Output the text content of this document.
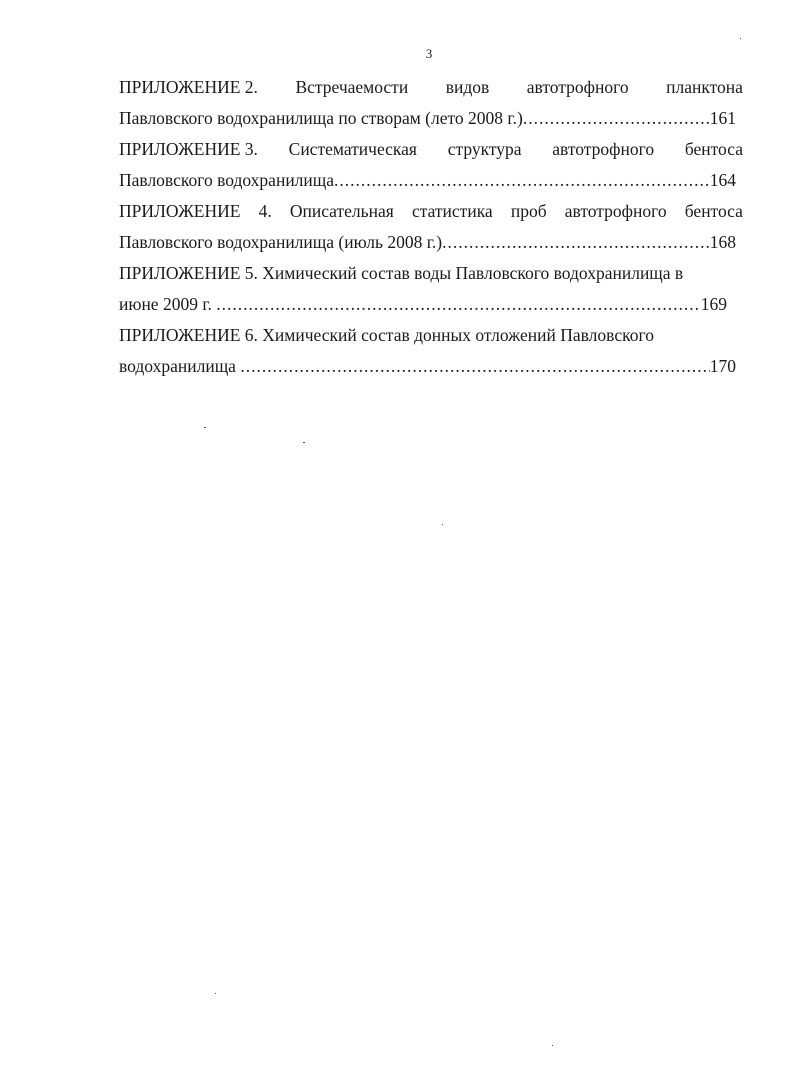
3
ПРИЛОЖЕНИЕ 2. Встречаемости видов автотрофного планктона
Павловского водохранилища по створам (лето 2008 г.) .....	161
ПРИЛОЖЕНИЕ 3. Систематическая структура автотрофного бентоса
Павловского водохранилища .....	164
ПРИЛОЖЕНИЕ 4. Описательная статистика проб автотрофного бентоса
Павловского водохранилища (июль 2008 г.) .....	168
ПРИЛОЖЕНИЕ 5. Химический состав воды Павловского водохранилища в
июне 2009 г. .....	169
ПРИЛОЖЕНИЕ 6. Химический состав донных отложений Павловского
водохранилища .....	170
